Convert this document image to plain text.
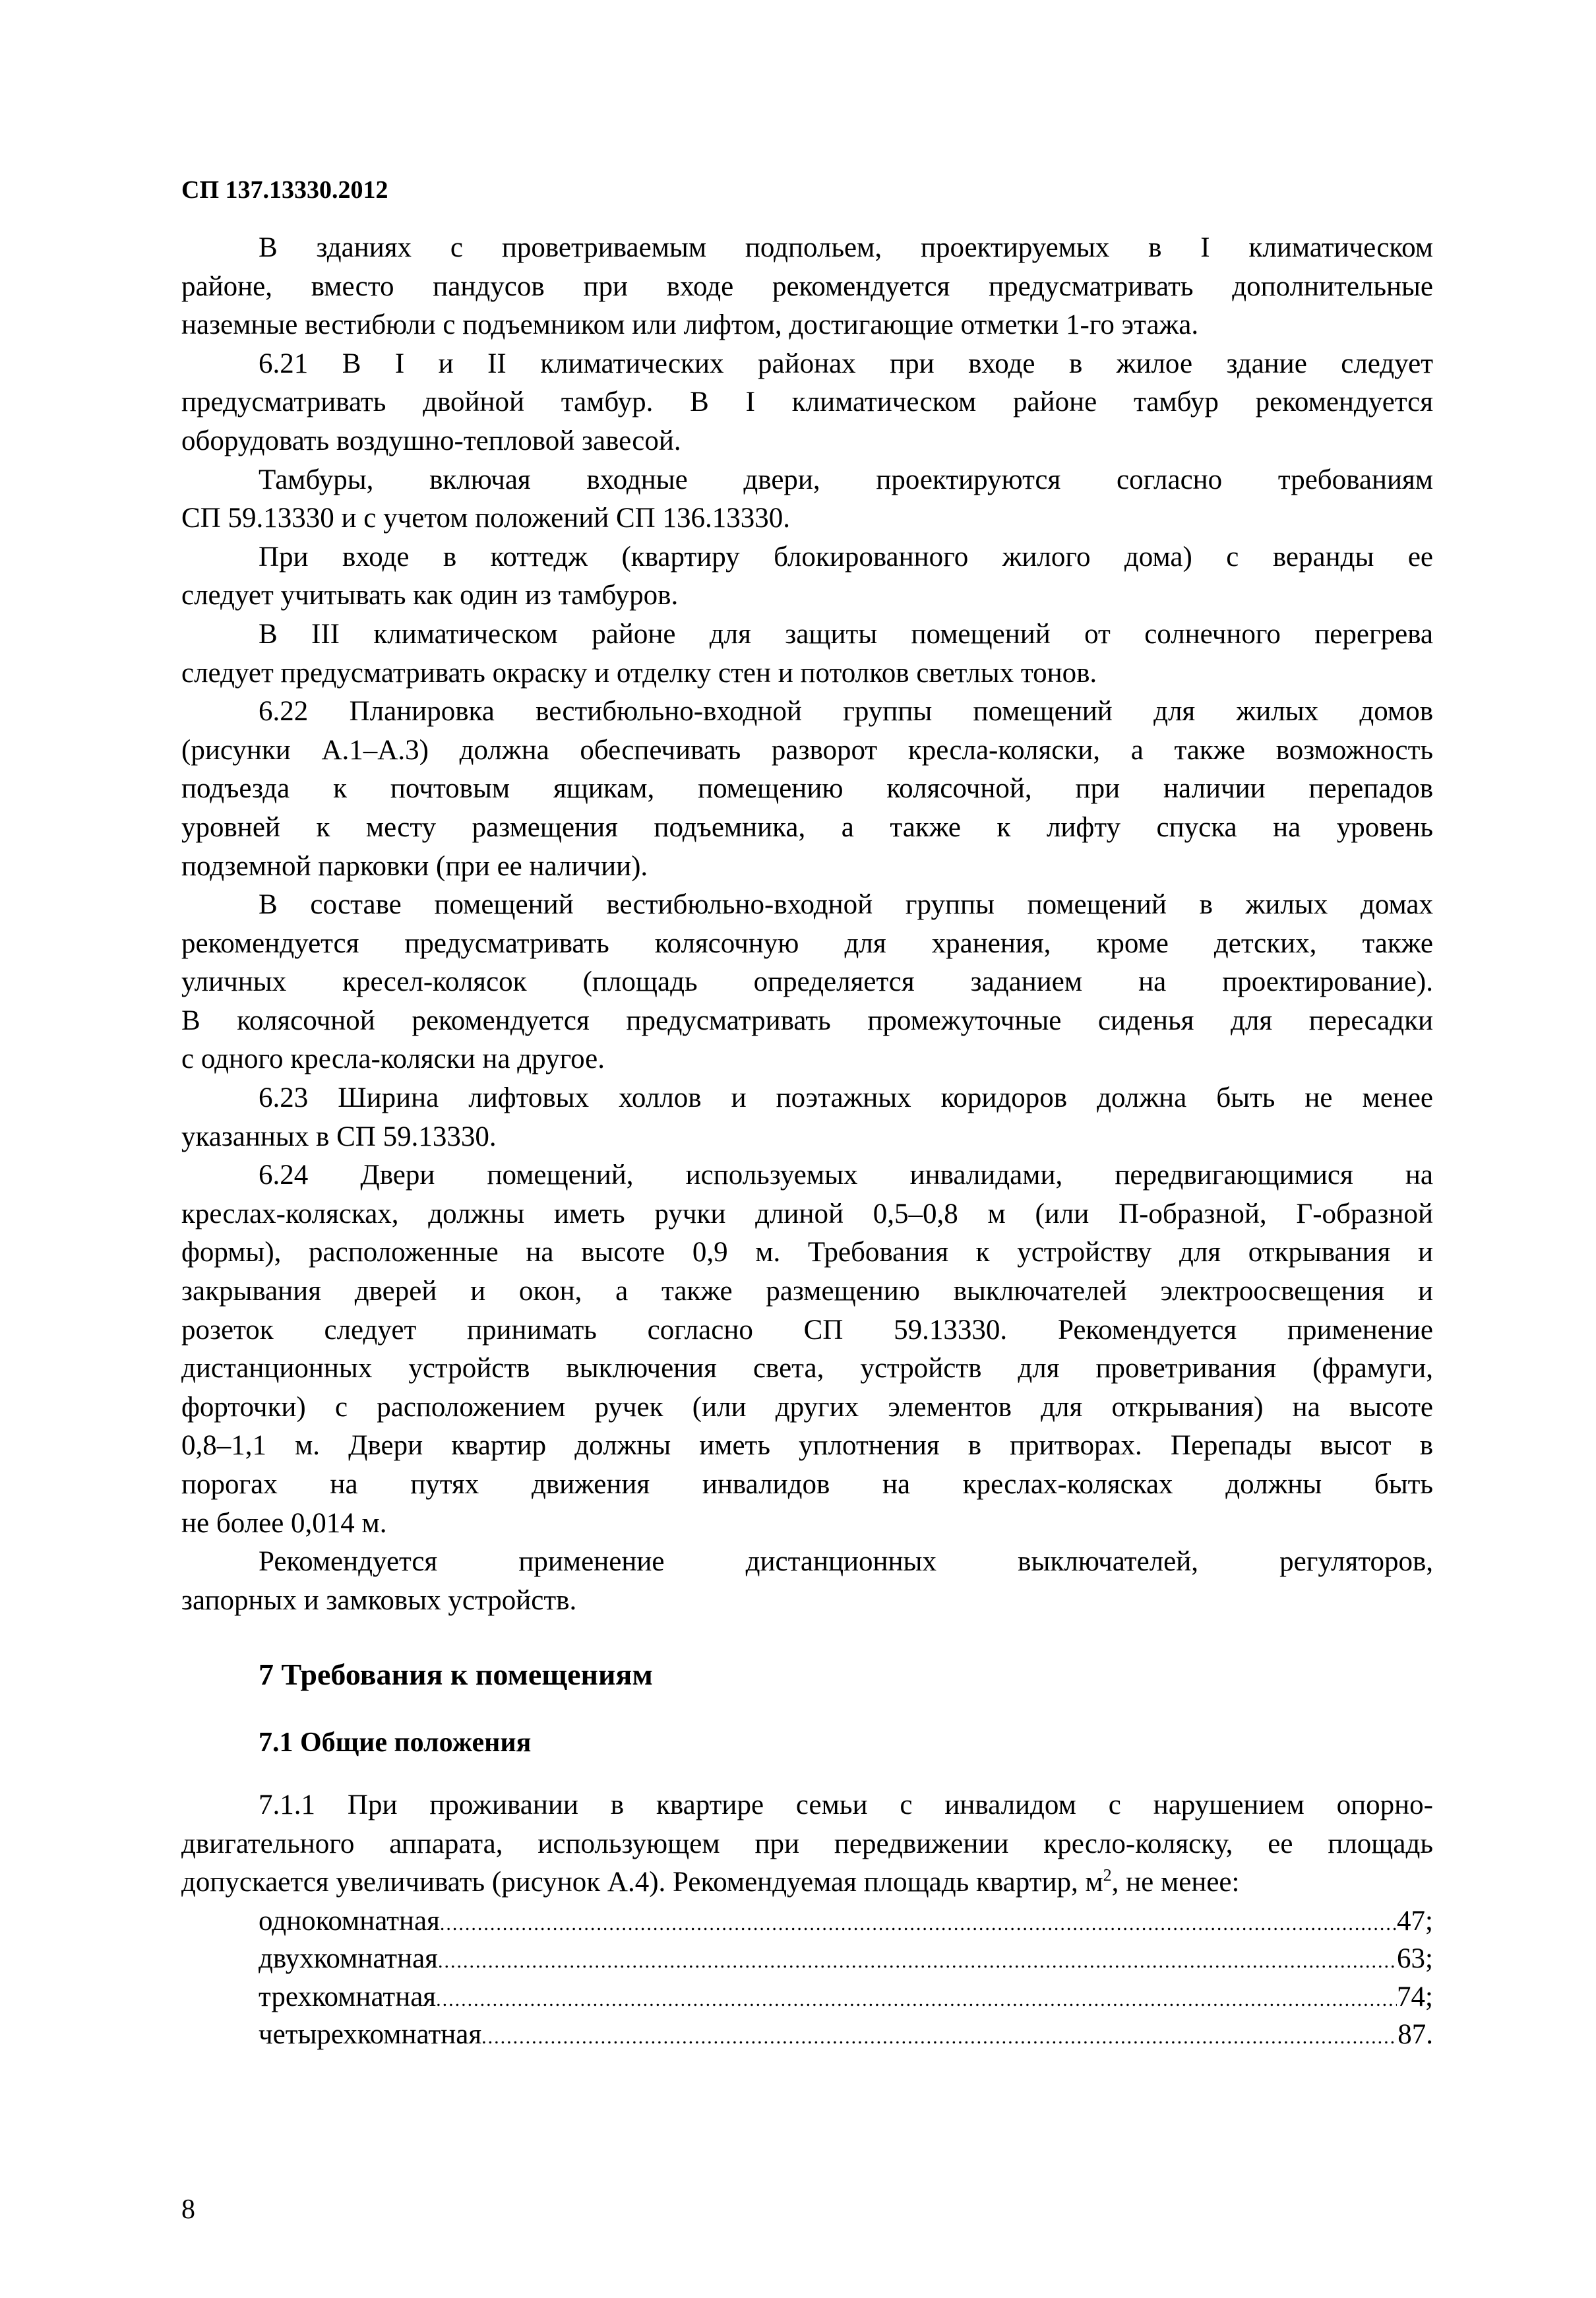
СП 137.13330.2012
В зданиях с проветриваемым подпольем, проектируемых в I климатическом
районе, вместо пандусов при входе рекомендуется предусматривать дополнительные
наземные вестибюли с подъемником или лифтом, достигающие отметки 1-го этажа.
6.21 В I и II климатических районах при входе в жилое здание следует
предусматривать двойной тамбур. В I климатическом районе тамбур рекомендуется
оборудовать воздушно-тепловой завесой.
Тамбуры, включая входные двери, проектируются согласно требованиям
СП 59.13330 и с учетом положений СП 136.13330.
При входе в коттедж (квартиру блокированного жилого дома) с веранды ее
следует учитывать как один из тамбуров.
В III климатическом районе для защиты помещений от солнечного перегрева
следует предусматривать окраску и отделку стен и потолков светлых тонов.
6.22 Планировка вестибюльно-входной группы помещений для жилых домов
(рисунки А.1–А.3) должна обеспечивать разворот кресла-коляски, а также возможность
подъезда к почтовым ящикам, помещению колясочной, при наличии перепадов
уровней к месту размещения подъемника, а также к лифту спуска на уровень
подземной парковки (при ее наличии).
В составе помещений вестибюльно-входной группы помещений в жилых домах
рекомендуется предусматривать колясочную для хранения, кроме детских, также
уличных кресел-колясок (площадь определяется заданием на проектирование).
В колясочной рекомендуется предусматривать промежуточные сиденья для пересадки
с одного кресла-коляски на другое.
6.23 Ширина лифтовых холлов и поэтажных коридоров должна быть не менее
указанных в СП 59.13330.
6.24 Двери помещений, используемых инвалидами, передвигающимися на
креслах-колясках, должны иметь ручки длиной 0,5–0,8 м (или П-образной, Г-образной
формы), расположенные на высоте 0,9 м. Требования к устройству для открывания и
закрывания дверей и окон, а также размещению выключателей электроосвещения и
розеток следует принимать согласно СП 59.13330. Рекомендуется применение
дистанционных устройств выключения света, устройств для проветривания (фрамуги,
форточки) с расположением ручек (или других элементов для открывания) на высоте
0,8–1,1 м. Двери квартир должны иметь уплотнения в притворах. Перепады высот в
порогах на путях движения инвалидов на креслах-колясках должны быть
не более 0,014 м.
Рекомендуется применение дистанционных выключателей, регуляторов,
запорных и замковых устройств.
7 Требования к помещениям
7.1 Общие положения
7.1.1 При проживании в квартире семьи с инвалидом с нарушением опорно-
двигательного аппарата, использующем при передвижении кресло-коляску, ее площадь
допускается увеличивать (рисунок А.4). Рекомендуемая площадь квартир, $м^2$, не менее:
однокомнатная .....	47;
двухкомнатная .....	63;
трехкомнатная .....	74;
четырехкомнатная .....	87.
8
